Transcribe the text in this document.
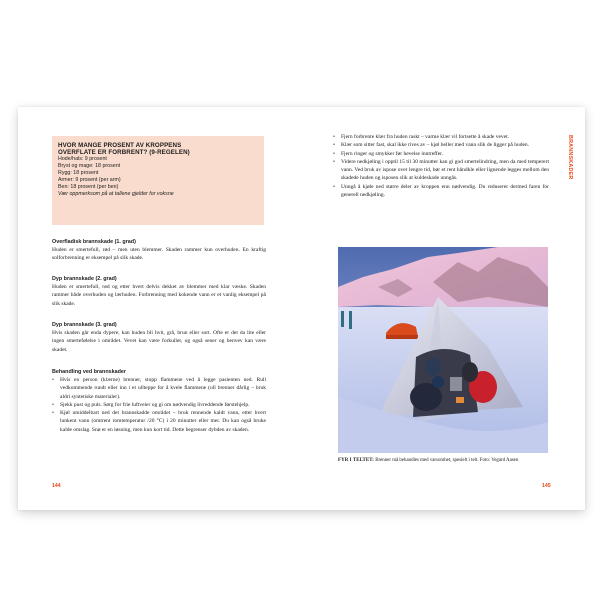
HVOR MANGE PROSENT AV KROPPENS
OVERFLATE ER FORBRENT? (9-REGELEN)
Hode/hals: 9 prosent
Bryst og mage: 18 prosent
Rygg: 18 prosent
Armer: 9 prosent (per arm)
Ben: 18 prosent (per ben)
Vær oppmerksom på at tallene gjelder for voksne
Overfladisk brannskade (1. grad)

Huden er smertefull, rød – men uten blemmer. Skaden rammer kun overhuden. En kraftig solforbrenning er eksempel på slik skade.

Dyp brannskade (2. grad)

Huden er smertefull, rød og etter hvert delvis dekket av blemmer med klar væske. Skaden rammer både overhuden og lærhuden. Forbrenning med kokende vann er et vanlig eksempel på slik skade.

Dyp brannskade (3. grad)

Hvis skaden går enda dypere, kan huden bli hvit, grå, brun eller sort. Ofte er det da lite eller ingen smertefølelse i området. Vevet kan være forkullet, og også sener og benvev kan være skadet.

Behandling ved brannskader
• Hvis en person (klærne) brenner, stopp flammene ved å legge pasienten ned. Rull vedkommende rundt eller inn i et ullteppe for å kvele flammene (ull brenner dårlig – bruk aldri syntetiske materialer).
• Sjekk pust og puls. Sørg for frie luftveier og gi om nødvendig livreddende førstehjelp.
• Kjøl umiddelbart ned det brannskadde området – bruk rennende kaldt vann, etter hvert lunkent vann (omtrent romtemperatur /20 °C) i 20 minutter eller mer. Du kan også bruke kalde omslag. Snø er en løsning, men kun kort tid. Dette begrenser dybden av skaden.
144
• Fjern forbrente klær fra huden raskt – varme klær vil fortsette å skade vevet.
• Klær som sitter fast, skal ikke rives av – kjøl heller med vann slik de ligger på huden.
• Fjern ringer og smykker før hevelse inntreffer.
• Videre nedkjøling i opptil 15 til 30 minutter kan gi god smertelindring, men da med temperert vann. Ved bruk av ispose over lengre tid, bør et rent håndkle eller lignende legges mellom den skadede huden og isposen slik at kuldeskade unngås.
• Unngå å kjøle ned større deler av kroppen enn nødvendig. Du reduserer dermed faren for generell nedkjøling.
BRANNSKADER
FYR I TELTET: Brenner må behandles med varsomhet, spesielt i telt. Foto: Vegard Aasen
145
